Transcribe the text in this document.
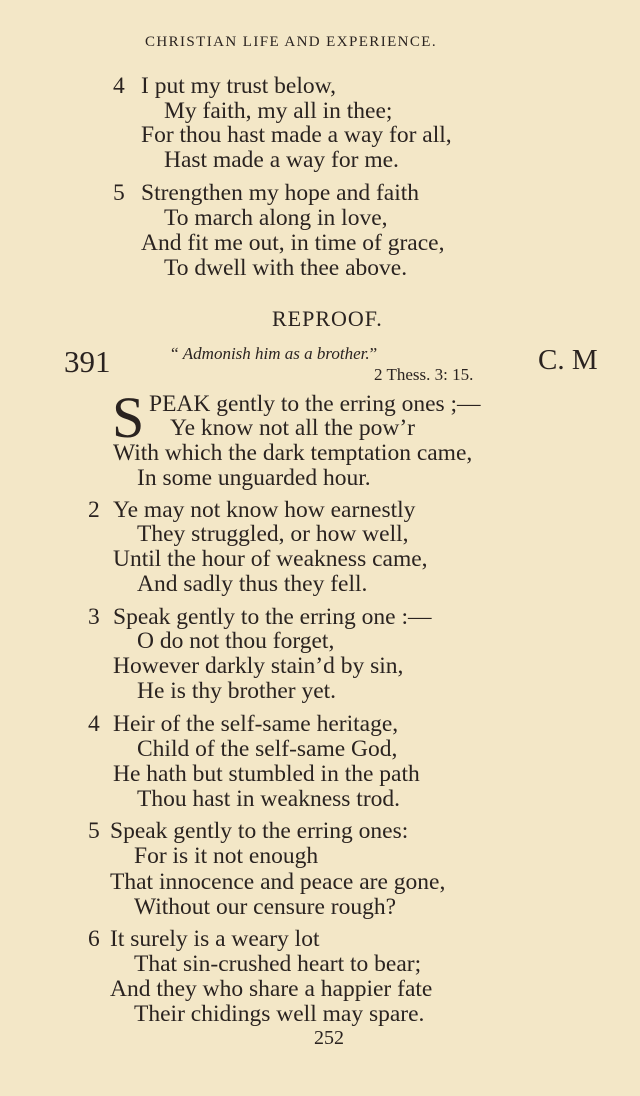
CHRISTIAN LIFE AND EXPERIENCE.
4 I put my trust below,
My faith, my all in thee;
For thou hast made a way for all,
Hast made a way for me.
5 Strengthen my hope and faith
To march along in love,
And fit me out, in time of grace,
To dwell with thee above.
REPROOF.
391	C. M
“ Admonish him as a brother.”
2 Thess. 3: 15.
S PEAK gently to the erring ones ;—
Ye know not all the pow’r
With which the dark temptation came,
In some unguarded hour.
2 Ye may not know how earnestly
They struggled, or how well,
Until the hour of weakness came,
And sadly thus they fell.
3 Speak gently to the erring one :—
O do not thou forget,
However darkly stain’d by sin,
He is thy brother yet.
4 Heir of the self-same heritage,
Child of the self-same God,
He hath but stumbled in the path
Thou hast in weakness trod.
5 Speak gently to the erring ones:
For is it not enough
That innocence and peace are gone,
Without our censure rough?
6 It surely is a weary lot
That sin-crushed heart to bear;
And they who share a happier fate
Their chidings well may spare.
252
